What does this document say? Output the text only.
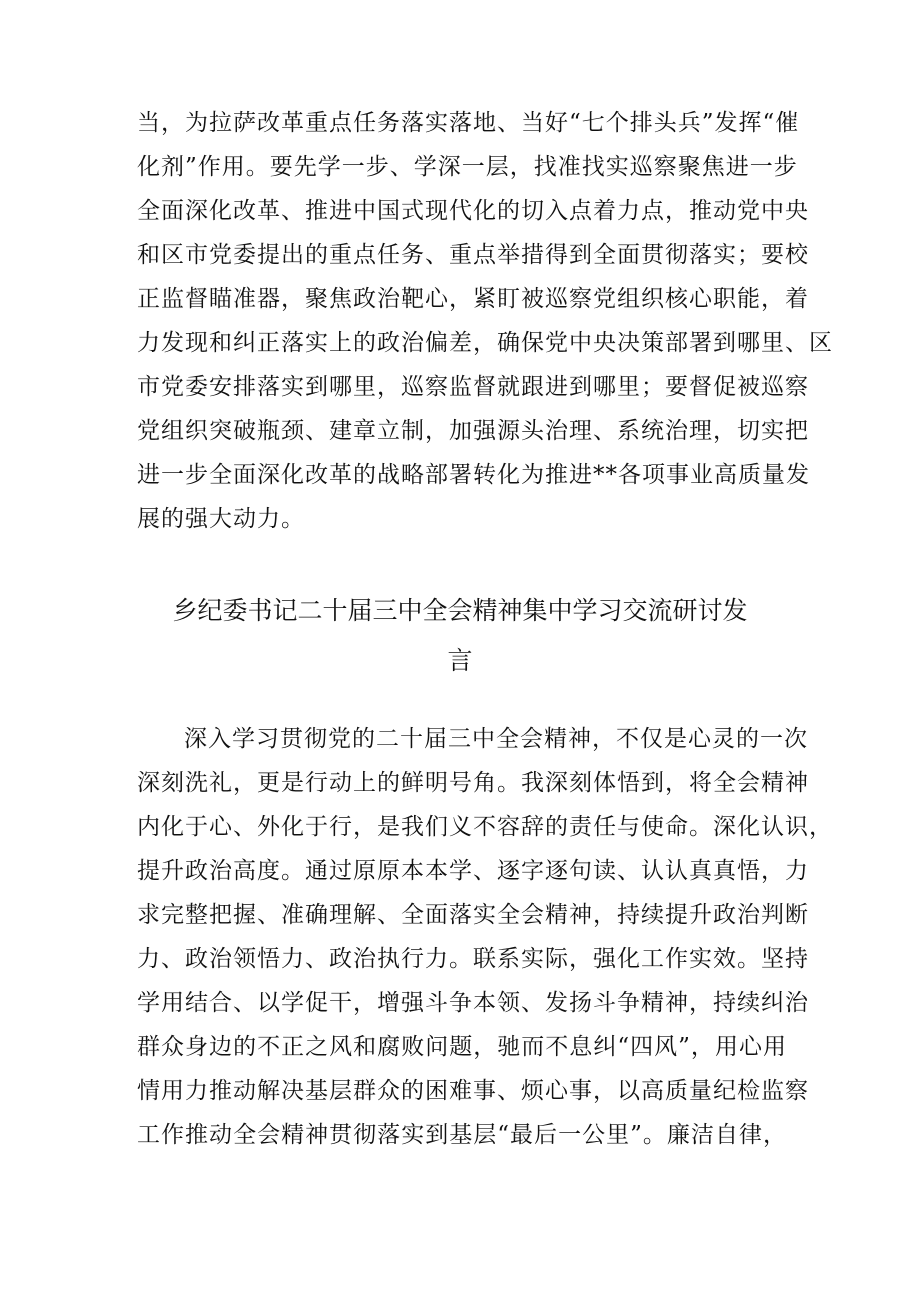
当，为拉萨改革重点任务落实落地、当好“七个排头兵”发挥“催
化剂”作用。要先学一步、学深一层，找准找实巡察聚焦进一步
全面深化改革、推进中国式现代化的切入点着力点，推动党中央
和区市党委提出的重点任务、重点举措得到全面贯彻落实；要校
正监督瞄准器，聚焦政治靶心，紧盯被巡察党组织核心职能，着
力发现和纠正落实上的政治偏差，确保党中央决策部署到哪里、区
市党委安排落实到哪里，巡察监督就跟进到哪里；要督促被巡察
党组织突破瓶颈、建章立制，加强源头治理、系统治理，切实把
进一步全面深化改革的战略部署转化为推进**各项事业高质量发
展的强大动力。
乡纪委书记二十届三中全会精神集中学习交流研讨发
言
深入学习贯彻党的二十届三中全会精神，不仅是心灵的一次
深刻洗礼，更是行动上的鲜明号角。我深刻体悟到，将全会精神
内化于心、外化于行，是我们义不容辞的责任与使命。深化认识，
提升政治高度。通过原原本本学、逐字逐句读、认认真真悟，力
求完整把握、准确理解、全面落实全会精神，持续提升政治判断
力、政治领悟力、政治执行力。联系实际，强化工作实效。坚持
学用结合、以学促干，增强斗争本领、发扬斗争精神，持续纠治
群众身边的不正之风和腐败问题，驰而不息纠“四风”，用心用
情用力推动解决基层群众的困难事、烦心事，以高质量纪检监察
工作推动全会精神贯彻落实到基层“最后一公里”。廉洁自律，
